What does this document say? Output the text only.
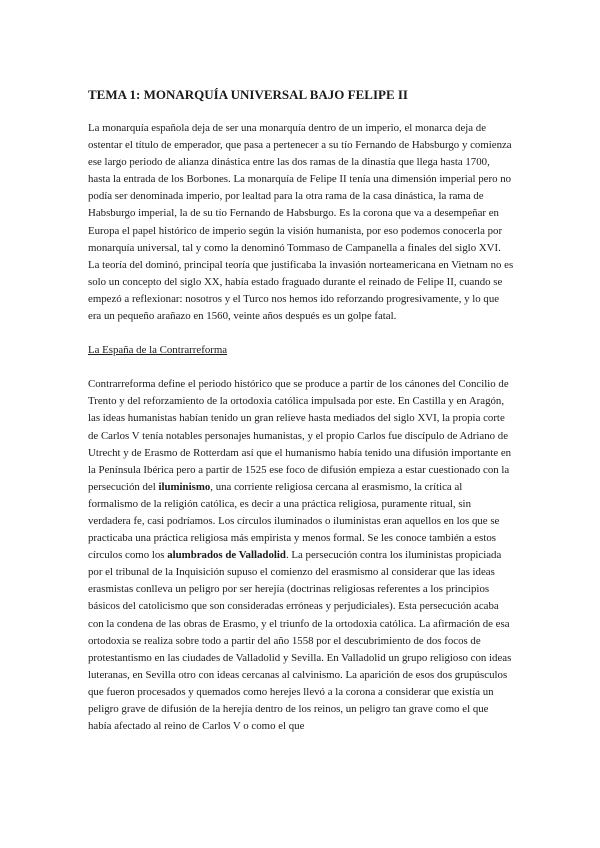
TEMA 1: MONARQUÍA UNIVERSAL BAJO FELIPE II

La monarquía española deja de ser una monarquía dentro de un imperio, el monarca deja de ostentar el título de emperador, que pasa a pertenecer a su tío Fernando de Habsburgo y comienza ese largo periodo de alianza dinástica entre las dos ramas de la dinastía que llega hasta 1700, hasta la entrada de los Borbones. La monarquía de Felipe II tenía una dimensión imperial pero no podía ser denominada imperio, por lealtad para la otra rama de la casa dinástica, la rama de Habsburgo imperial, la de su tío Fernando de Habsburgo. Es la corona que va a desempeñar en Europa el papel histórico de imperio según la visión humanista, por eso podemos conocerla por monarquía universal, tal y como la denominó Tommaso de Campanella a finales del siglo XVI. La teoría del dominó, principal teoría que justificaba la invasión norteamericana en Vietnam no es solo un concepto del siglo XX, había estado fraguado durante el reinado de Felipe II, cuando se empezó a reflexionar: nosotros y el Turco nos hemos ido reforzando progresivamente, y lo que era un pequeño arañazo en 1560, veinte años después es un golpe fatal.

La España de la Contrarreforma

Contrarreforma define el periodo histórico que se produce a partir de los cánones del Concilio de Trento y del reforzamiento de la ortodoxia católica impulsada por este. En Castilla y en Aragón, las ideas humanistas habían tenido un gran relieve hasta mediados del siglo XVI, la propia corte de Carlos V tenía notables personajes humanistas, y el propio Carlos fue discípulo de Adriano de Utrecht y de Erasmo de Rotterdam así que el humanismo había tenido una difusión importante en la Península Ibérica pero a partir de 1525 ese foco de difusión empieza a estar cuestionado con la persecución del iluminismo, una corriente religiosa cercana al erasmismo, la crítica al formalismo de la religión católica, es decir a una práctica religiosa, puramente ritual, sin verdadera fe, casi podríamos. Los círculos iluminados o iluministas eran aquellos en los que se practicaba una práctica religiosa más empirista y menos formal. Se les conoce también a estos círculos como los alumbrados de Valladolid. La persecución contra los iluministas propiciada por el tribunal de la Inquisición supuso el comienzo del erasmismo al considerar que las ideas erasmistas conlleva un peligro por ser herejía (doctrinas religiosas referentes a los principios básicos del catolicismo que son consideradas erróneas y perjudiciales). Esta persecución acaba con la condena de las obras de Erasmo, y el triunfo de la ortodoxia católica. La afirmación de esa ortodoxia se realiza sobre todo a partir del año 1558 por el descubrimiento de dos focos de protestantismo en las ciudades de Valladolid y Sevilla. En Valladolid un grupo religioso con ideas luteranas, en Sevilla otro con ideas cercanas al calvinismo. La aparición de esos dos grupúsculos que fueron procesados y quemados como herejes llevó a la corona a considerar que existía un peligro grave de difusión de la herejía dentro de los reinos, un peligro tan grave como el que había afectado al reino de Carlos V o como el que
